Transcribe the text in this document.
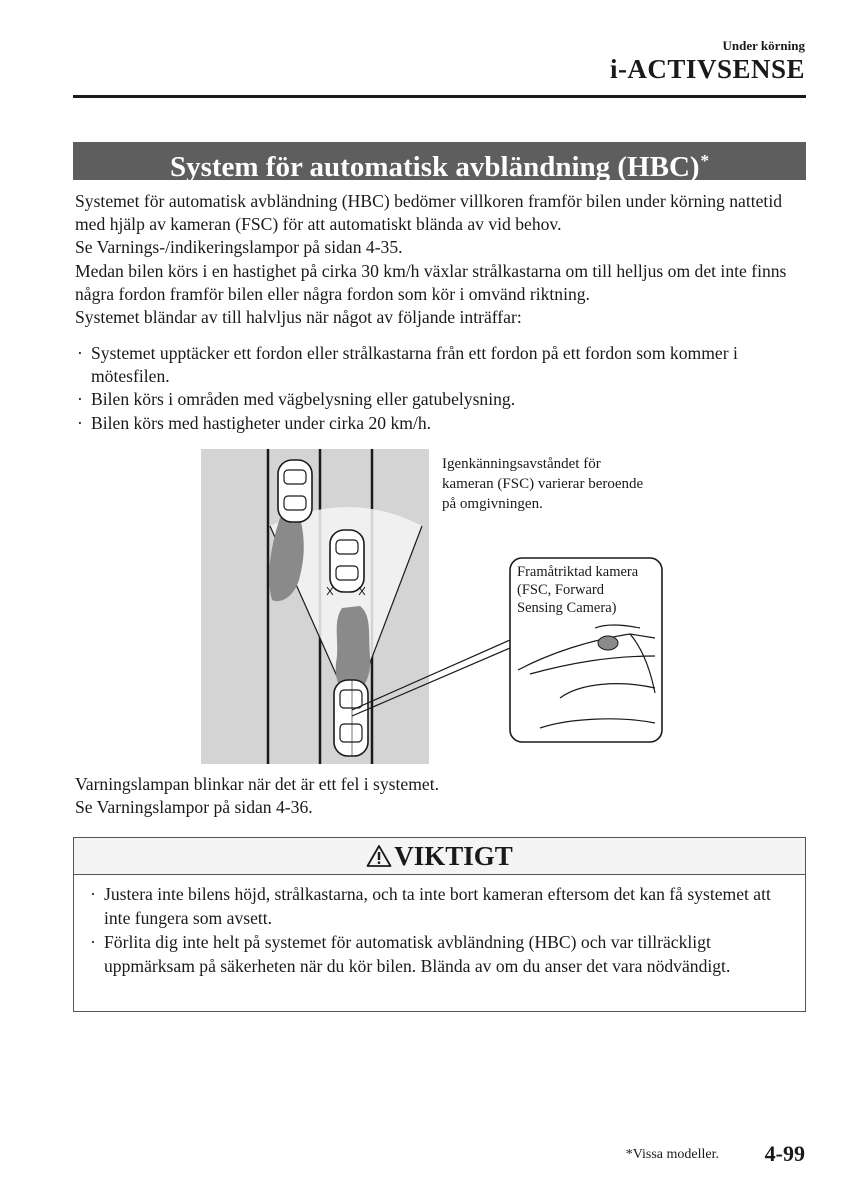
Under körning
i-ACTIVSENSE
System för automatisk avbländning (HBC)*

Systemet för automatisk avbländning (HBC) bedömer villkoren framför bilen under körning nattetid med hjälp av kameran (FSC) för att automatiskt blända av vid behov.

Se Varnings-/indikeringslampor på sidan 4-35.

Medan bilen körs i en hastighet på cirka 30 km/h växlar strålkastarna om till helljus om det inte finns några fordon framför bilen eller några fordon som kör i omvänd riktning.

Systemet bländar av till halvljus när något av följande inträffar:

· Systemet upptäcker ett fordon eller strålkastarna från ett fordon på ett fordon som kommer i mötesfilen.

· Bilen körs i områden med vägbelysning eller gatubelysning.

· Bilen körs med hastigheter under cirka 20 km/h.

Igenkänningsavståndet för
kameran (FSC) varierar beroende
på omgivningen.
Framåtriktad kamera
(FSC, Forward
Sensing Camera)

Varningslampan blinkar när det är ett fel i systemet.

Se Varningslampor på sidan 4-36.

VIKTIGT

· Justera inte bilens höjd, strålkastarna, och ta inte bort kameran eftersom det kan få systemet att inte fungera som avsett.

· Förlita dig inte helt på systemet för automatisk avbländning (HBC) och var tillräckligt uppmärksam på säkerheten när du kör bilen. Blända av om du anser det vara nödvändigt.

*Vissa modeller. 4-99
